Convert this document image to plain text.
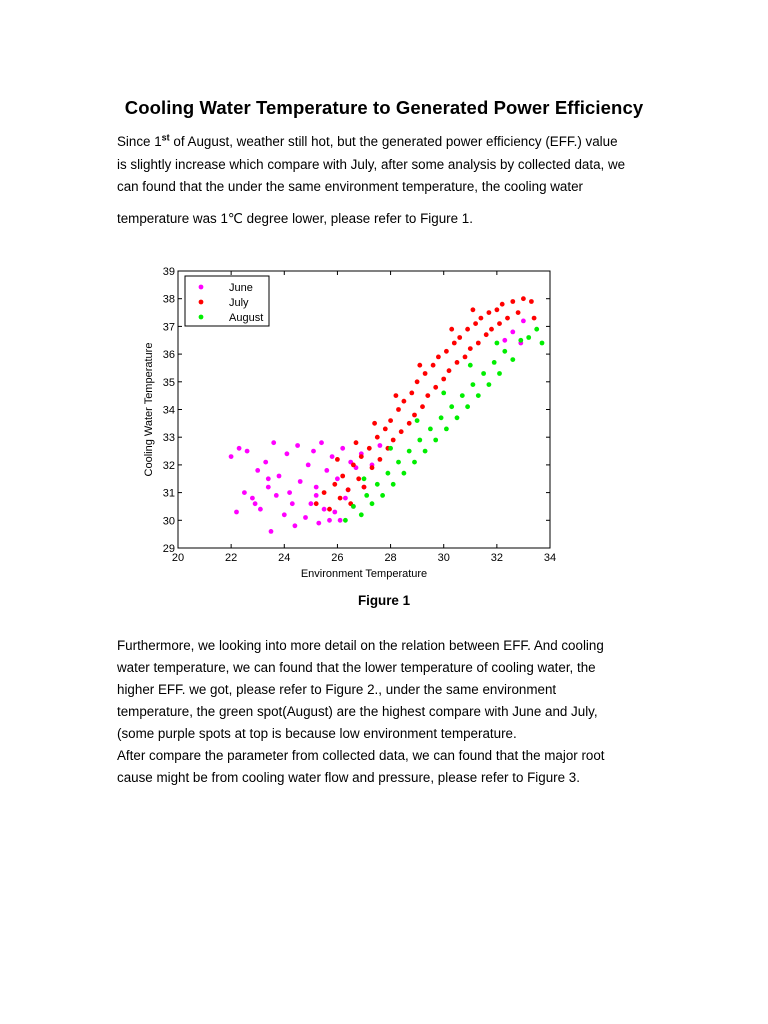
Cooling Water Temperature to Generated Power Efficiency

Since 1st of August, weather still hot, but the generated power efficiency (EFF.) value

is slightly increase which compare with July, after some analysis by collected data, we

can found that the under the same environment temperature, the cooling water

temperature was 1℃ degree lower, please refer to Figure 1.

20	22	24	26	28	30	32	34
29
30
31
32
33
34
35
36
37
38
39
Environment Temperature
Cooling Water Temperature
June
July
August
Figure 1

Furthermore, we looking into more detail on the relation between EFF. And cooling

water temperature, we can found that the lower temperature of cooling water, the

higher EFF. we got, please refer to Figure 2., under the same environment

temperature, the green spot(August) are the highest compare with June and July,

(some purple spots at top is because low environment temperature.

After compare the parameter from collected data, we can found that the major root

cause might be from cooling water flow and pressure, please refer to Figure 3.
